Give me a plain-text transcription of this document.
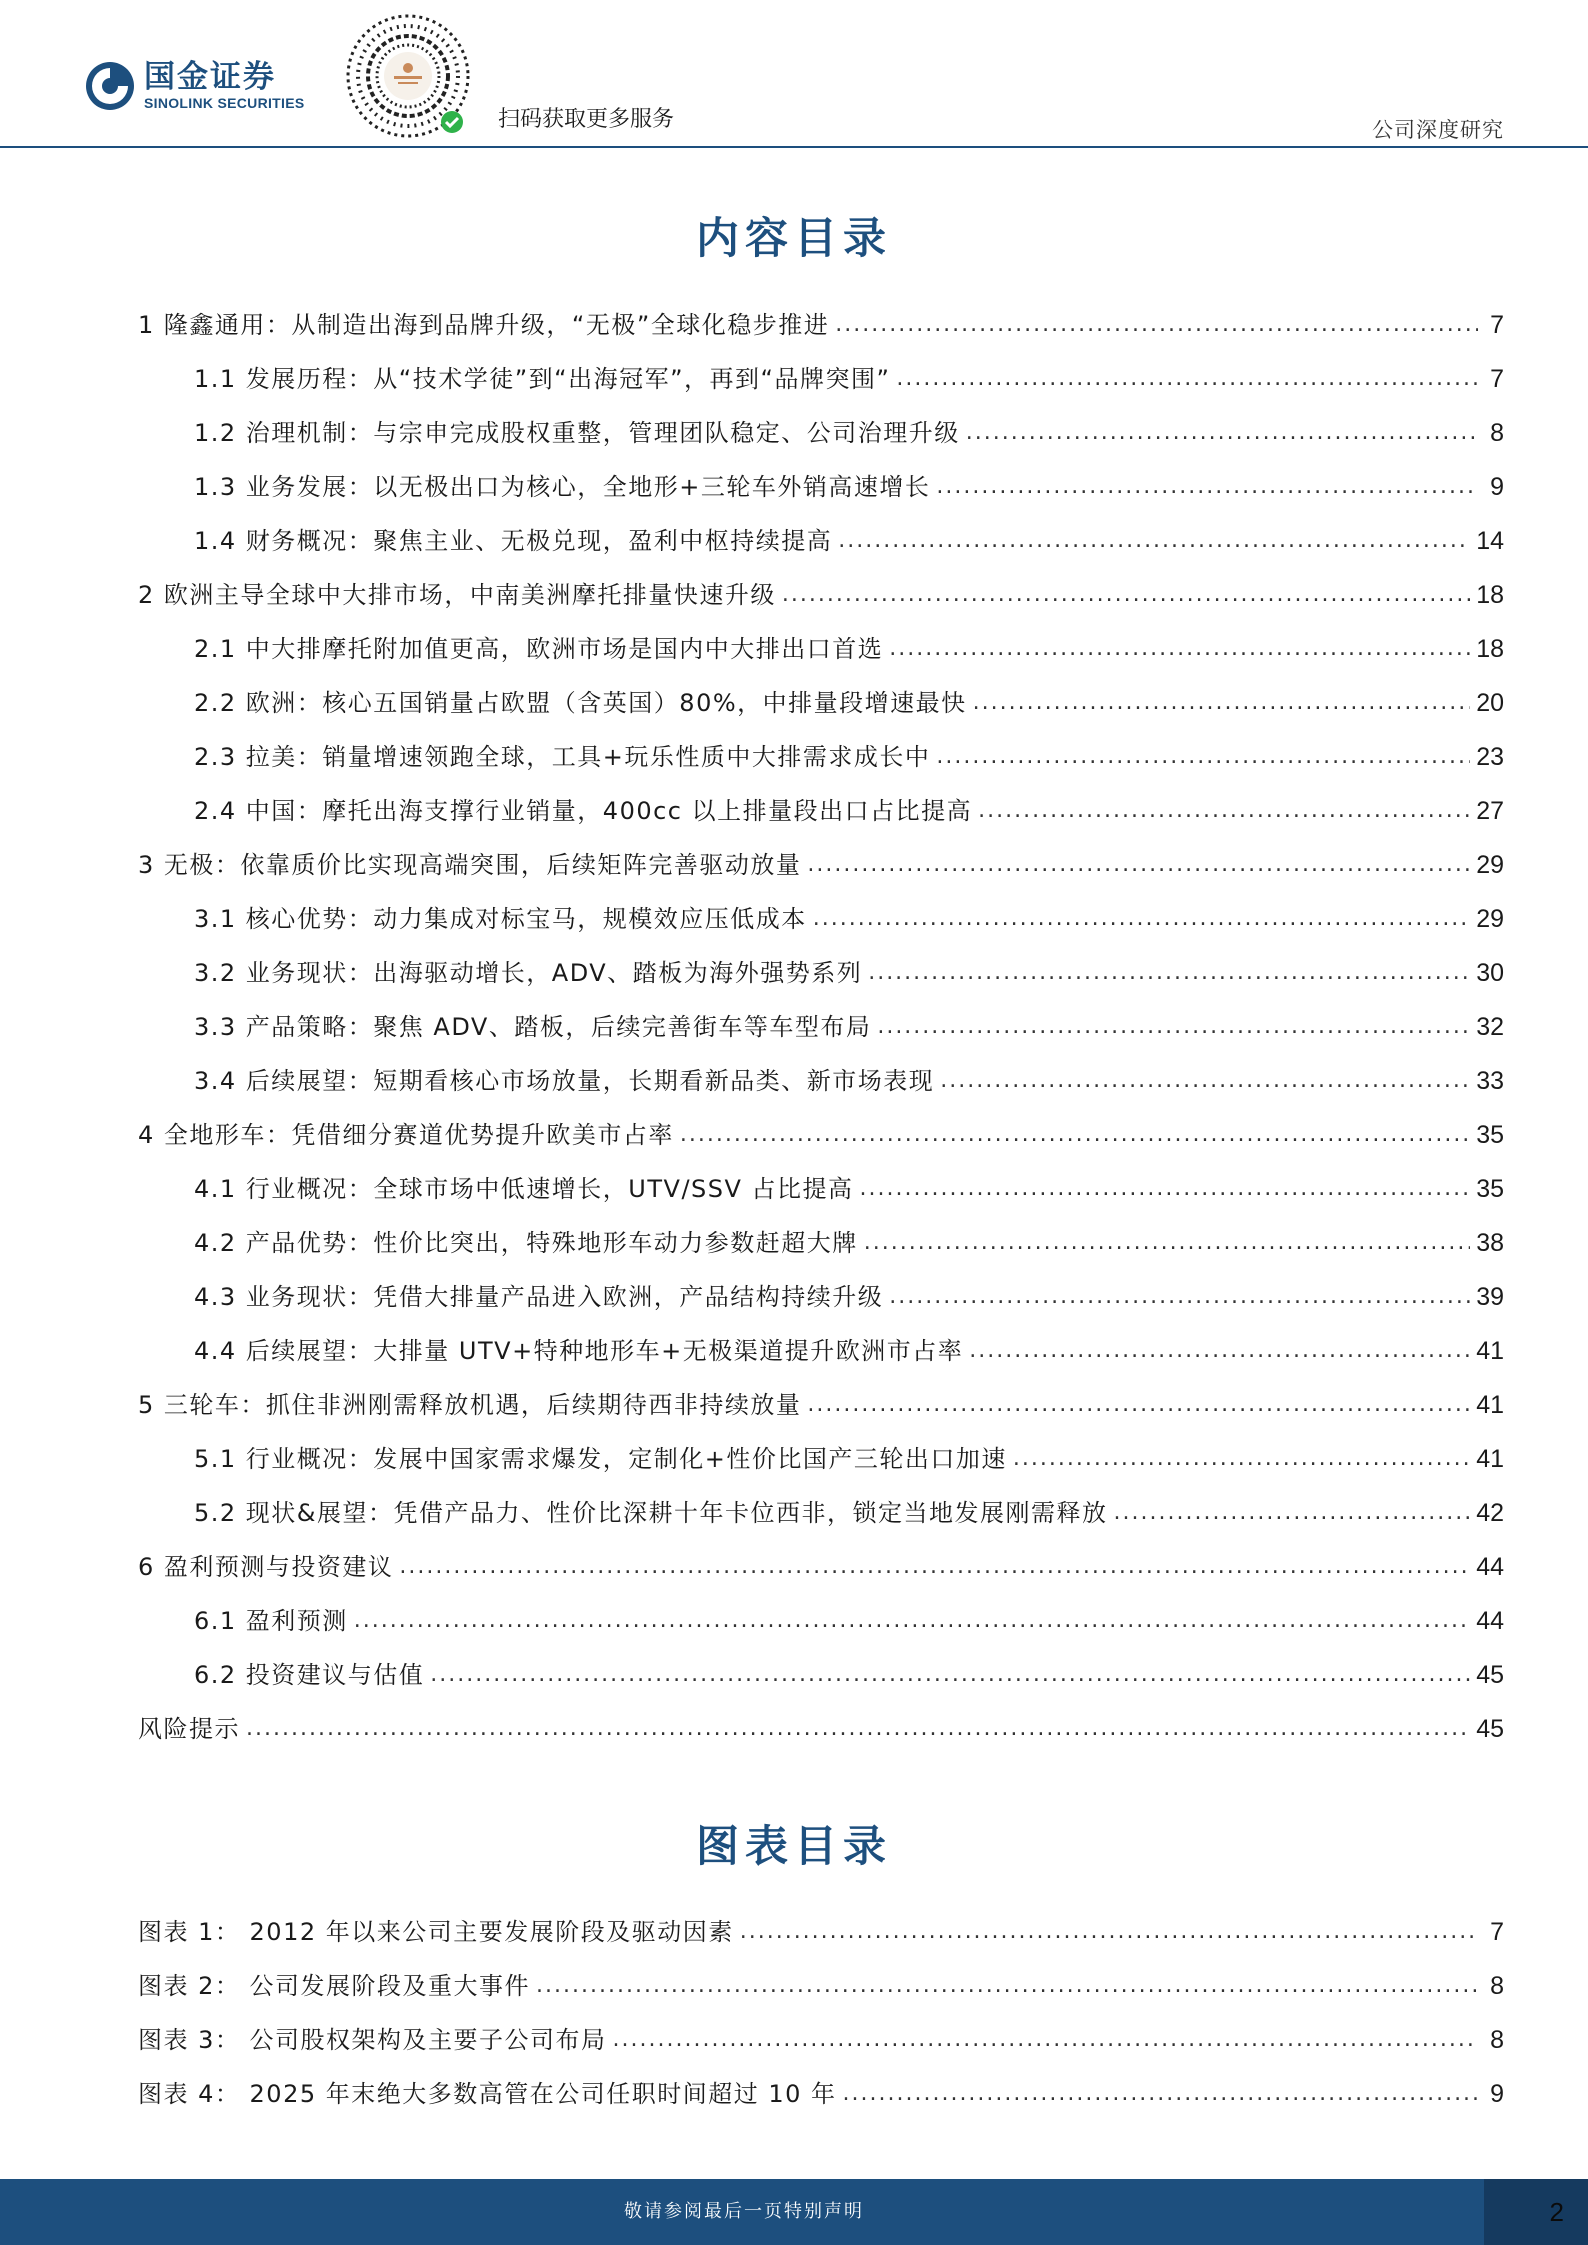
国金证券
SINOLINK SECURITIES
扫码获取更多服务	公司深度研究
内容目录
1 隆鑫通用：从制造出海到品牌升级，“无极”全球化稳步推进 .....	7
1.1 发展历程：从“技术学徒”到“出海冠军”，再到“品牌突围” .....	7
1.2 治理机制：与宗申完成股权重整，管理团队稳定、公司治理升级 .....	8
1.3 业务发展：以无极出口为核心，全地形+三轮车外销高速增长 .....	9
1.4 财务概况：聚焦主业、无极兑现，盈利中枢持续提高 .....	14
2 欧洲主导全球中大排市场，中南美洲摩托排量快速升级 .....	18
2.1 中大排摩托附加值更高，欧洲市场是国内中大排出口首选 .....	18
2.2 欧洲：核心五国销量占欧盟（含英国）80%，中排量段增速最快 .....	20
2.3 拉美：销量增速领跑全球，工具+玩乐性质中大排需求成长中 .....	23
2.4 中国：摩托出海支撑行业销量，400cc 以上排量段出口占比提高 .....	27
3 无极：依靠质价比实现高端突围，后续矩阵完善驱动放量 .....	29
3.1 核心优势：动力集成对标宝马，规模效应压低成本 .....	29
3.2 业务现状：出海驱动增长，ADV、踏板为海外强势系列 .....	30
3.3 产品策略：聚焦 ADV、踏板，后续完善街车等车型布局 .....	32
3.4 后续展望：短期看核心市场放量，长期看新品类、新市场表现 .....	33
4 全地形车：凭借细分赛道优势提升欧美市占率 .....	35
4.1 行业概况：全球市场中低速增长，UTV/SSV 占比提高 .....	35
4.2 产品优势：性价比突出，特殊地形车动力参数赶超大牌 .....	38
4.3 业务现状：凭借大排量产品进入欧洲，产品结构持续升级 .....	39
4.4 后续展望：大排量 UTV+特种地形车+无极渠道提升欧洲市占率 .....	41
5 三轮车：抓住非洲刚需释放机遇，后续期待西非持续放量 .....	41
5.1 行业概况：发展中国家需求爆发，定制化+性价比国产三轮出口加速 .....	41
5.2 现状&展望：凭借产品力、性价比深耕十年卡位西非，锁定当地发展刚需释放 .....	42
6 盈利预测与投资建议 .....	44
6.1 盈利预测 .....	44
6.2 投资建议与估值 .....	45
风险提示 .....	45
图表目录
图表 1： 2012 年以来公司主要发展阶段及驱动因素 .....	7
图表 2： 公司发展阶段及重大事件 .....	8
图表 3： 公司股权架构及主要子公司布局 .....	8
图表 4： 2025 年末绝大多数高管在公司任职时间超过 10 年 .....	9
敬请参阅最后一页特别声明	2
